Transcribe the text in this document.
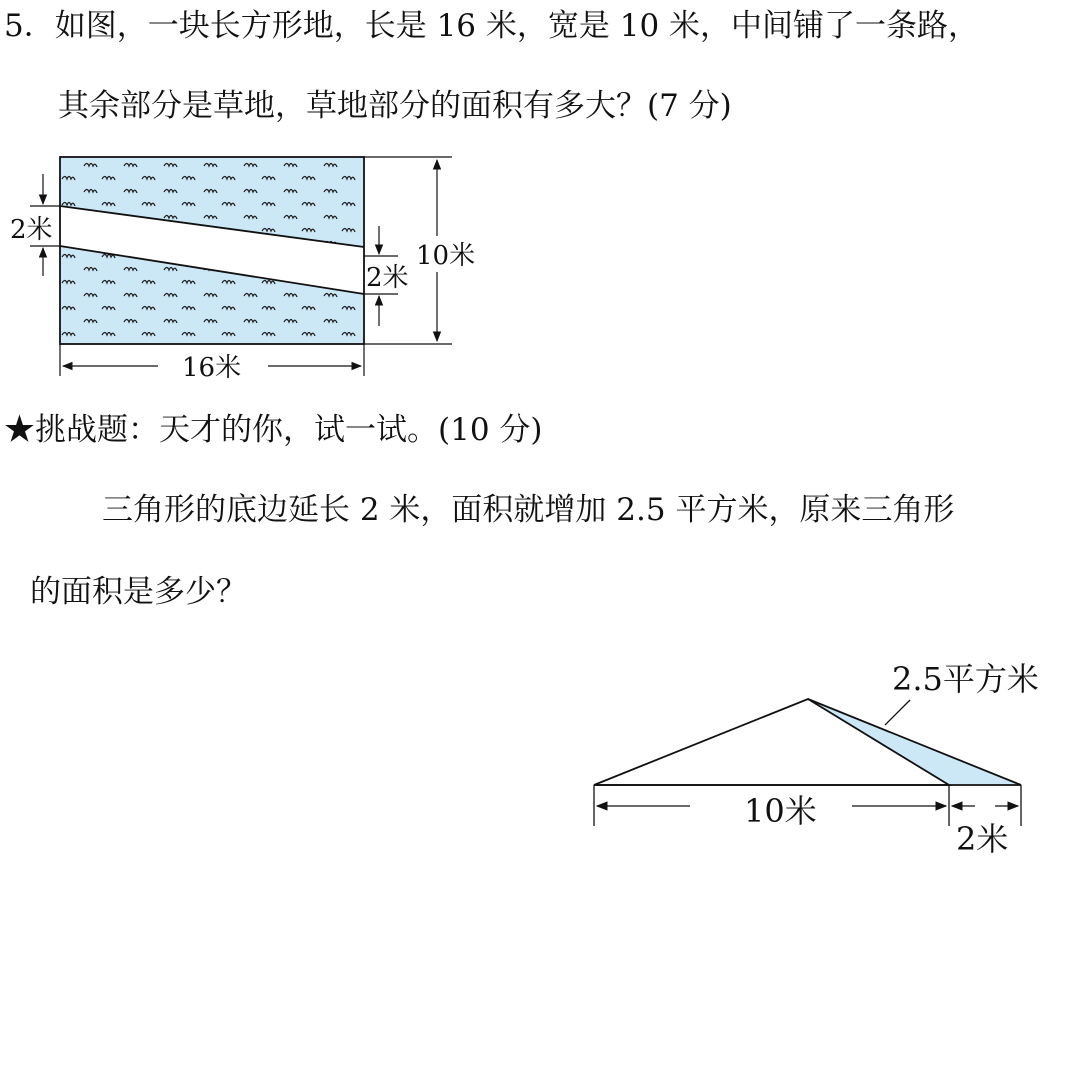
5．如图，一块长方形地，长是 16 米，宽是 10 米，中间铺了一条路，
其余部分是草地，草地部分的面积有多大？(7 分)
2米
2米
10米
16米
2.5平方米
10米
2米
★挑战题：天才的你，试一试。(10 分)
三角形的底边延长 2 米，面积就增加 2.5 平方米，原来三角形
的面积是多少？
